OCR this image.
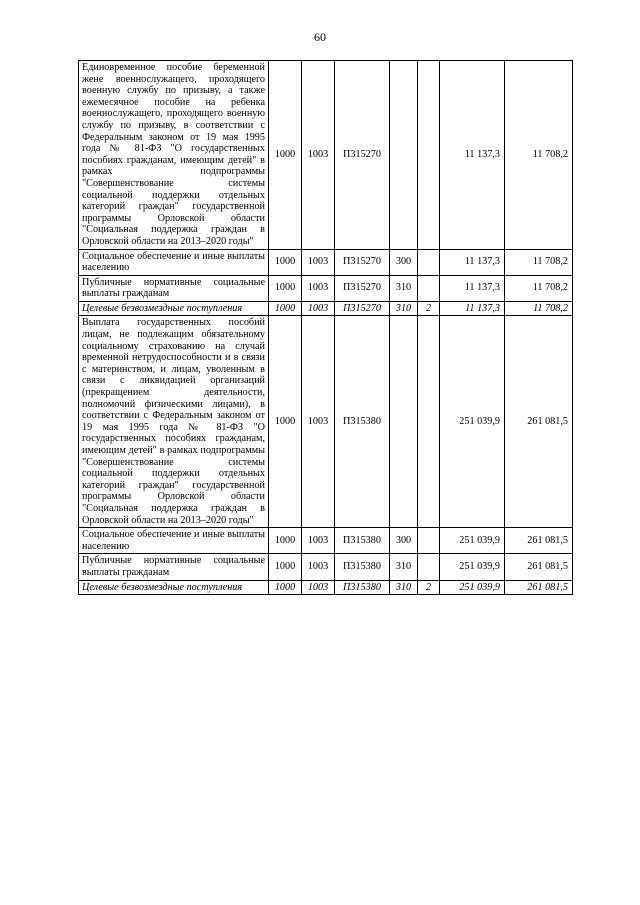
60
Единовременное пособие беременной жене военнослужащего, проходящего военную службу по призыву, а также ежемесячное пособие на ребенка военнослужащего, проходящего военную службу по призыву, в соответствии с Федеральным законом от 19 мая 1995 года № 81-ФЗ "О государственных пособиях гражданам, имеющим детей" в рамках подпрограммы "Совершенствование системы социальной поддержки отдельных категорий граждан" государственной программы Орловской области "Социальная поддержка граждан в Орловской области на 2013–2020 годы"	1000	1003	П315270			11 137,3	11 708,2
Социальное обеспечение и иные выплаты населению	1000	1003	П315270	300		11 137,3	11 708,2
Публичные нормативные социальные выплаты гражданам	1000	1003	П315270	310		11 137,3	11 708,2
Целевые безвозмездные поступления	1000	1003	П315270	310	2	11 137,3	11 708,2
Выплата государственных пособий лицам, не подлежащим обязательному социальному страхованию на случай временной нетрудоспособности и в связи с материнством, и лицам, уволенным в связи с ликвидацией организаций (прекращением деятельности, полномочий физическими лицами), в соответствии с Федеральным законом от 19 мая 1995 года № 81-ФЗ "О государственных пособиях гражданам, имеющим детей" в рамках подпрограммы "Совершенствование системы социальной поддержки отдельных категорий граждан" государственной программы Орловской области "Социальная поддержка граждан в Орловской области на 2013–2020 годы"	1000	1003	П315380			251 039,9	261 081,5
Социальное обеспечение и иные выплаты населению	1000	1003	П315380	300		251 039,9	261 081,5
Публичные нормативные социальные выплаты гражданам	1000	1003	П315380	310		251 039,9	261 081,5
Целевые безвозмездные поступления	1000	1003	П315380	310	2	251 039,9	261 081,5
